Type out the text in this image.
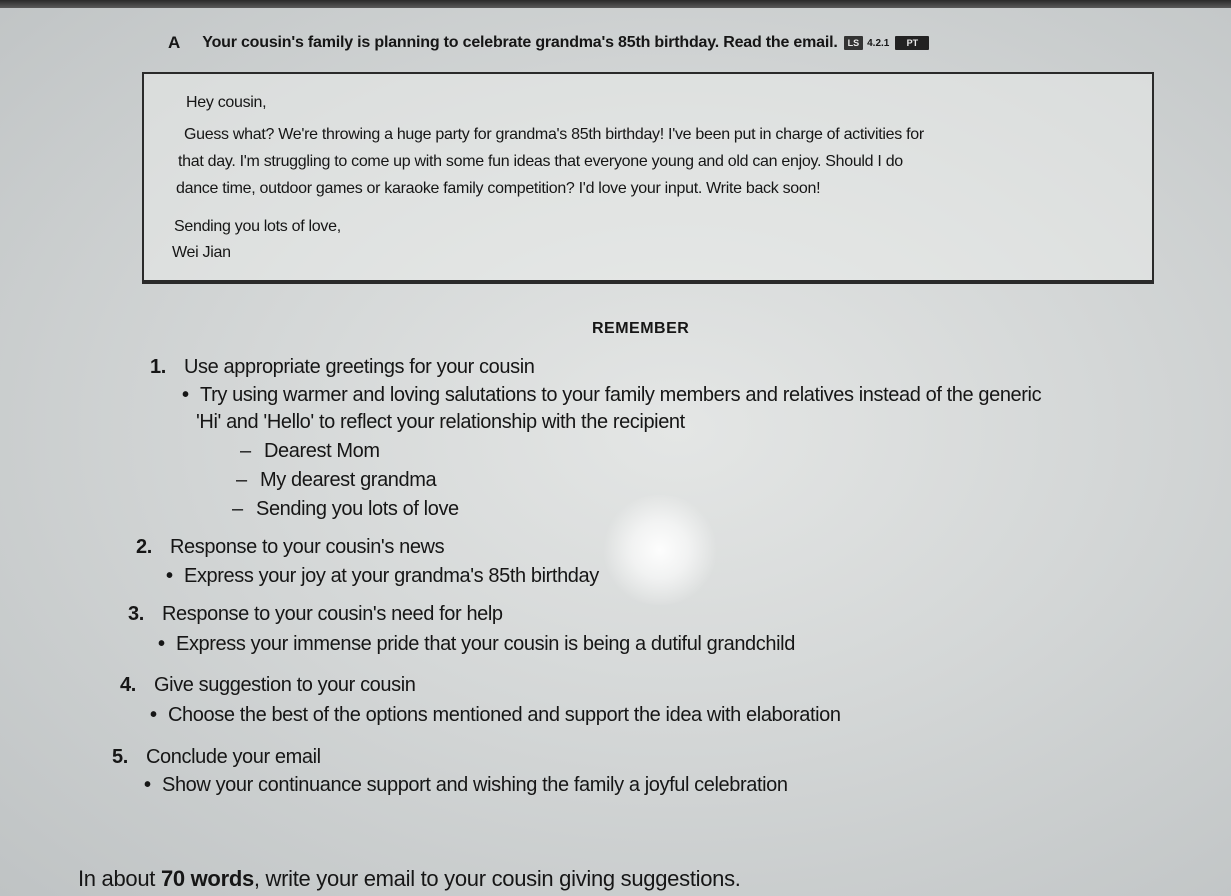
A Your cousin's family is planning to celebrate grandma's 85th birthday. Read the email.	LS 4.2.1	PT
Hey cousin,
Guess what? We're throwing a huge party for grandma's 85th birthday! I've been put in charge of activities for
that day. I'm struggling to come up with some fun ideas that everyone young and old can enjoy. Should I do
dance time, outdoor games or karaoke family competition? I'd love your input. Write back soon!
Sending you lots of love,
Wei Jian
REMEMBER
1. Use appropriate greetings for your cousin
• Try using warmer and loving salutations to your family members and relatives instead of the generic
'Hi' and 'Hello' to reflect your relationship with the recipient
– Dearest Mom
– My dearest grandma
– Sending you lots of love
2. Response to your cousin's news
• Express your joy at your grandma's 85th birthday
3. Response to your cousin's need for help
• Express your immense pride that your cousin is being a dutiful grandchild
4. Give suggestion to your cousin
• Choose the best of the options mentioned and support the idea with elaboration
5. Conclude your email
• Show your continuance support and wishing the family a joyful celebration
In about 70 words, write your email to your cousin giving suggestions.
